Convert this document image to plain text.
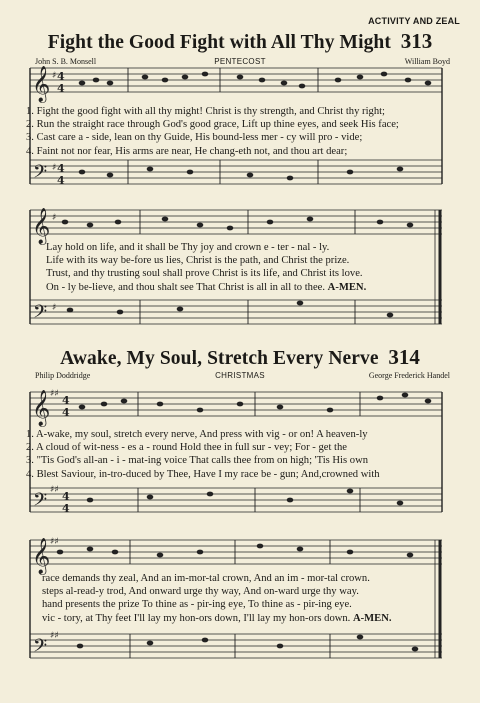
ACTIVITY AND ZEAL
Fight the Good Fight with All Thy Might 313
John S. B. Monsell	PENTECOST	William Boyd
𝄞
𝄢
𝄞
𝄢
𝄞
𝄢
𝄞
𝄢
♯ 4
4
♯ 4
4
♯
♯
♯♯ 4
4
♯♯ 4
4
♯♯
♯♯
1. Fight the good fight with all thy might! Christ is thy strength, and Christ thy right;
2. Run the straight race through God's good grace, Lift up thine eyes, and seek His face;
3. Cast care a - side, lean on thy Guide, His bound-less mer - cy will pro - vide;
4. Faint not nor fear, His arms are near, He chang-eth not, and thou art dear;
Lay hold on life, and it shall be Thy joy and crown e - ter - nal - ly.
Life with its way be-fore us lies, Christ is the path, and Christ the prize.
Trust, and thy trusting soul shall prove Christ is its life, and Christ its love.
On - ly be-lieve, and thou shalt see That Christ is all in all to thee. A-MEN.
Awake, My Soul, Stretch Every Nerve 314
Philip Doddridge	CHRISTMAS	George Frederick Handel
1. A-wake, my soul, stretch every nerve, And press with vig - or on! A heaven-ly
2. A cloud of wit-ness - es a - round Hold thee in full sur - vey; For - get the
3. "Tis God's all-an - i - mat-ing voice That calls thee from on high; 'Tis His own
4. Blest Saviour, in-tro-duced by Thee, Have I my race be - gun; And,crowned with
race demands thy zeal, And an im-mor-tal crown, And an im - mor-tal crown.
steps al-read-y trod, And onward urge thy way, And on-ward urge thy way.
hand presents the prize To thine as - pir-ing eye, To thine as - pir-ing eye.
vic - tory, at Thy feet I'll lay my hon-ors down, I'll lay my hon-ors down. A-MEN.
